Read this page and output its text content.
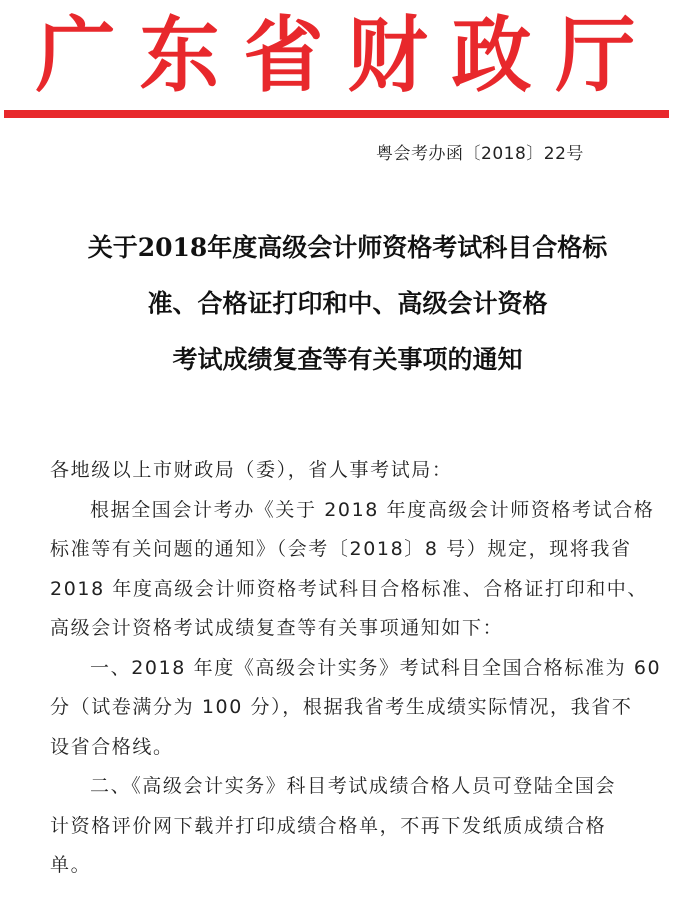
广东省财政厅
粤会考办函〔2018〕22号
关于2018年度高级会计师资格考试科目合格标
准、合格证打印和中、高级会计资格
考试成绩复查等有关事项的通知
各地级以上市财政局（委），省人事考试局：
根据全国会计考办《关于 2018 年度高级会计师资格考试合格
标准等有关问题的通知》（会考〔2018〕8 号）规定，现将我省
2018 年度高级会计师资格考试科目合格标准、合格证打印和中、
高级会计资格考试成绩复查等有关事项通知如下：
一、2018 年度《高级会计实务》考试科目全国合格标准为 60
分（试卷满分为 100 分），根据我省考生成绩实际情况，我省不
设省合格线。
二、《高级会计实务》科目考试成绩合格人员可登陆全国会
计资格评价网下载并打印成绩合格单，不再下发纸质成绩合格
单。
